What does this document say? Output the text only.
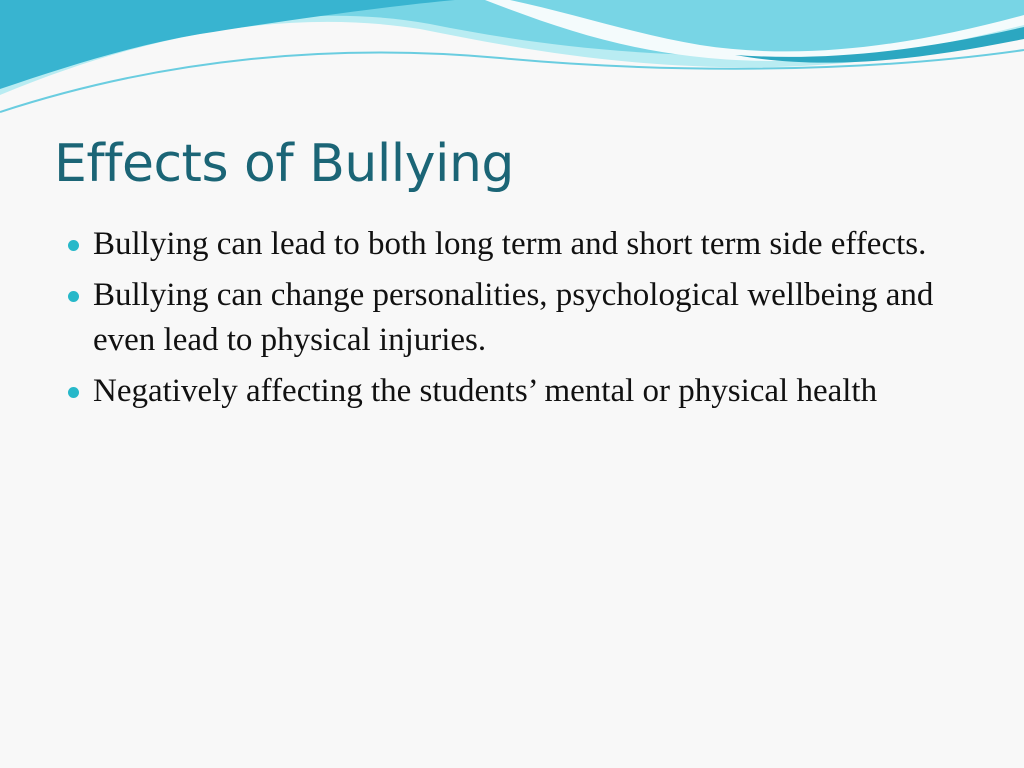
Effects of Bullying
Bullying can lead to both long term and short term side effects.
Bullying can change personalities, psychological wellbeing and even lead to physical injuries.
Negatively affecting the students’ mental or physical health
